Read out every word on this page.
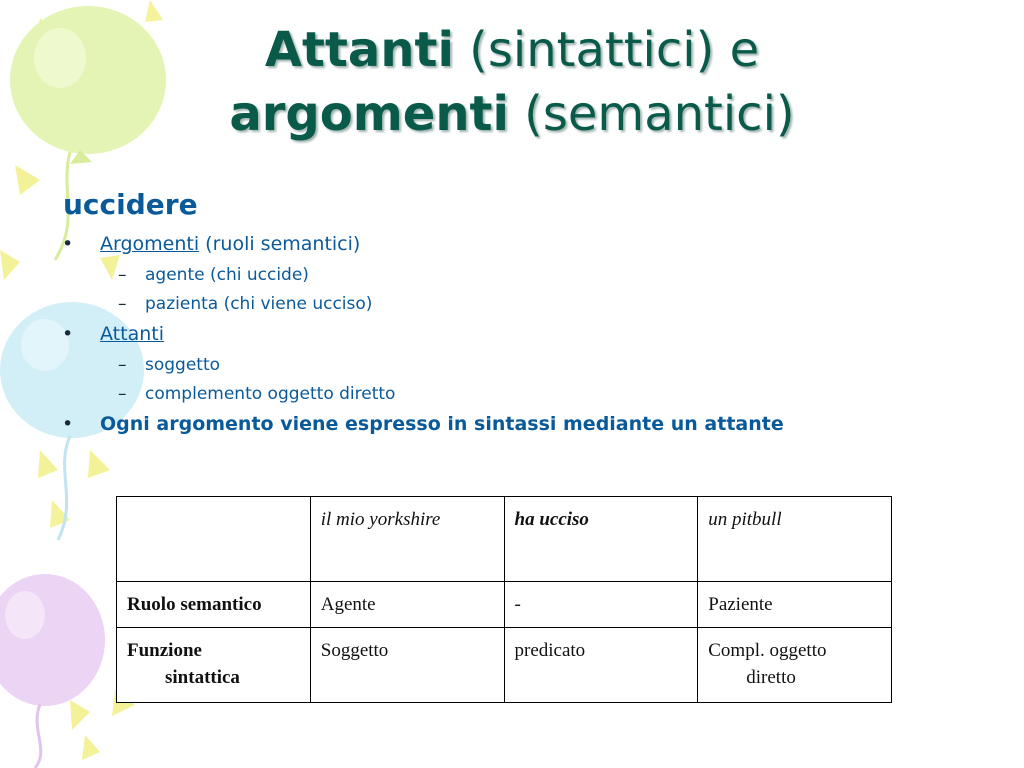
Attanti (sintattici) e
argomenti (semantici)
uccidere
• Argomenti (ruoli semantici)
– agente (chi uccide)
– pazienta (chi viene ucciso)
• Attanti
– soggetto
– complemento oggetto diretto
• Ogni argomento viene espresso in sintassi mediante un attante
	il mio yorkshire	ha ucciso	un pitbull
Ruolo semantico	Agente	-	Paziente
Funzione
sintattica	Soggetto	predicato	Compl. oggetto
diretto
